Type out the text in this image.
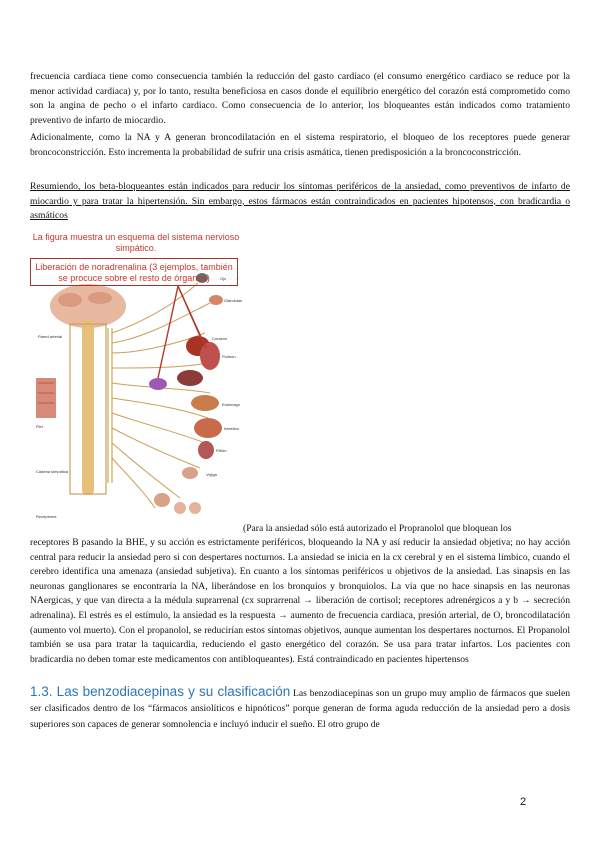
frecuencia cardíaca tiene como consecuencia también la reducción del gasto cardiaco (el consumo energético cardiaco se reduce por la menor actividad cardiaca) y, por lo tanto, resulta beneficiosa en casos donde el equilibrio energético del corazón está comprometido como son la angina de pecho o el infarto cardiaco. Como consecuencia de lo anterior, los bloqueantes están indicados como tratamiento preventivo de infarto de miocardio.

Adicionalmente, como la NA y A generan broncodilatación en el sistema respiratorio, el bloqueo de los receptores puede generar broncoconstricción. Esto incrementa la probabilidad de sufrir una crisis asmática, tienen predisposición a la broncoconstricción.

Resumiendo, los beta-bloqueantes están indicados para reducir los síntomas periféricos de la ansiedad, como preventivos de infarto de miocardio y para tratar la hipertensión. Sin embargo, estos fármacos están contraindicados en pacientes hipotensos, con bradicardia o asmáticos

Ojo
Glándulas
Corazón
Pulmón
Estómago
Intestino
Riñón
Vejiga
Pared arterial
Piel
Cadena simpática
Receptores
La figura muestra un esquema del sistema nervioso simpático.
Liberación de noradrenalina (3 ejemplos, también se procuce sobre el resto de órganos)

(Para la ansiedad sólo está autorizado el Propranolol que bloquean los

receptores B pasando la BHE, y su acción es estrictamente periféricos, bloqueando la NA y así reducir la ansiedad objetiva; no hay acción central para reducir la ansiedad pero si con despertares nocturnos. La ansiedad se inicia en la cx cerebral y en el sistema límbico, cuando el cerebro identifica una amenaza (ansiedad subjetiva). En cuanto a los síntomas periféricos u objetivos de la ansiedad. Las sinapsis en las neuronas ganglionares se encontraría la NA, liberándose en los bronquios y bronquiolos. La vía que no hace sinapsis en las neuronas NAergicas, y que van directa a la médula suprarrenal (cx suprarrenal → liberación de cortisol; receptores adrenérgicos a y b → secreción adrenalina). El estrés es el estímulo, la ansiedad es la respuesta → aumento de frecuencia cardiaca, presión arterial, de O, broncodilatación (aumento vol muerto). Con el propanolol, se reducirían estos síntomas objetivos, aunque aumentan los despertares nocturnos. El Propanolol también se usa para tratar la taquicardia, reduciendo el gasto energético del corazón. Se usa para tratar infartos. Los pacientes con bradicardia no deben tomar este medicamentos con antibloqueantes). Está contraindicado en pacientes hipertensos

1.3. Las benzodiacepinas y su clasificación Las benzodiacepinas son un grupo muy amplio de fármacos que suelen ser clasificados dentro de los “fármacos ansiolíticos e hipnóticos” porque generan de forma aguda reducción de la ansiedad pero a dosis superiores son capaces de generar somnolencia e incluyó inducir el sueño. El otro grupo de

2
